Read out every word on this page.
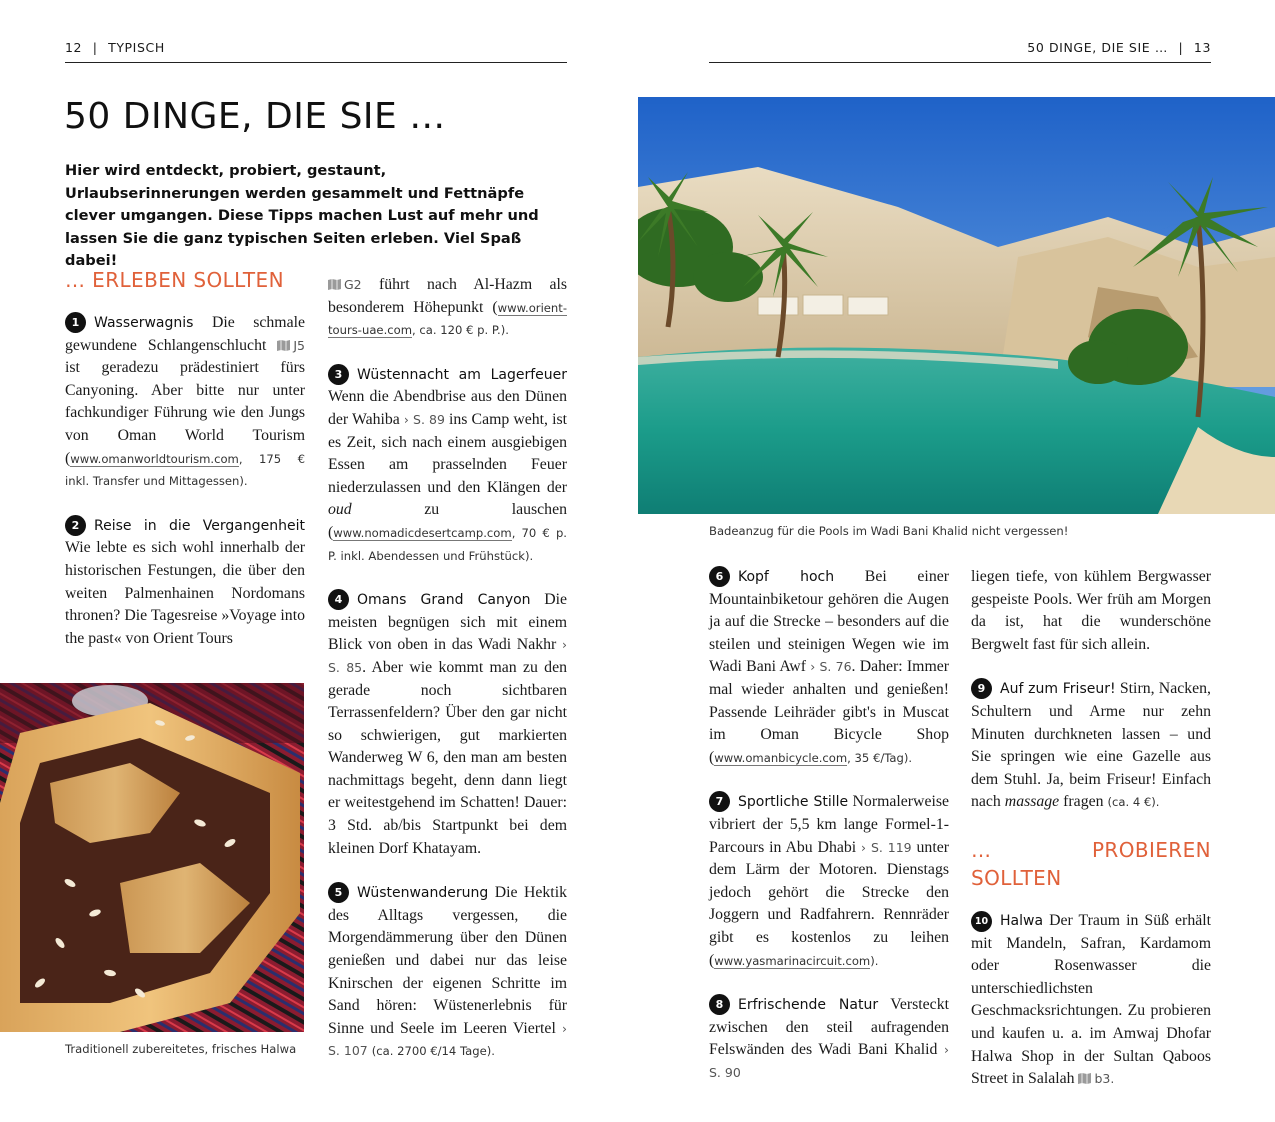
12 | TYPISCH	50 DINGE, DIE SIE … | 13
50 DINGE, DIE SIE …

Hier wird entdeckt, probiert, gestaunt, Urlaubserinnerungen werden gesammelt und Fettnäpfe clever umgangen. Diese Tipps machen Lust auf mehr und lassen Sie die ganz typischen Seiten erleben. Viel Spaß dabei!

… ERLEBEN SOLLTEN
1 Wasserwagnis Die schmale gewundene Schlangenschlucht J5 ist geradezu prädestiniert fürs Canyoning. Aber bitte nur unter fachkundiger Führung wie den Jungs von Oman World Tourism (www.omanworldtourism.com, 175 € inkl. Transfer und Mittagessen).
2 Reise in die Vergangenheit Wie lebte es sich wohl innerhalb der historischen Festungen, die über den weiten Palmenhainen Nordomans thronen? Die Tagesreise »Voyage into the past« von Orient Tours
Traditionell zubereitetes, frisches Halwa
G2 führt nach Al-Hazm als besonderem Höhepunkt (www.orient-tours-uae.com, ca. 120 € p. P.).
3 Wüstennacht am Lagerfeuer Wenn die Abendbrise aus den Dünen der Wahiba › S. 89 ins Camp weht, ist es Zeit, sich nach einem ausgiebigen Essen am prasselnden Feuer niederzulassen und den Klängen der oud	zu lauschen (www.nomadicdesertcamp.com, 70 € p. P. inkl. Abendessen und Frühstück).
4 Omans Grand Canyon Die meisten begnügen sich mit einem Blick von oben in das Wadi Nakhr › S. 85. Aber wie kommt man zu den gerade noch sichtbaren Terrassenfeldern? Über den gar nicht so schwierigen, gut markierten Wanderweg W 6, den man am besten nachmittags begeht, denn dann liegt er weitestgehend im Schatten! Dauer: 3 Std. ab/bis Startpunkt bei dem kleinen Dorf Khatayam.
5 Wüstenwanderung Die Hektik des Alltags vergessen, die Morgendämmerung über den Dünen genießen und dabei nur das leise Knirschen der eigenen Schritte im Sand hören: Wüstenerlebnis für Sinne und Seele im Leeren Viertel › S. 107 (ca. 2700 €/14 Tage).
Badeanzug für die Pools im Wadi Bani Khalid nicht vergessen!
6 Kopf hoch Bei einer Mountainbiketour gehören die Augen ja auf die Strecke – besonders auf die steilen und steinigen Wegen wie im Wadi Bani Awf › S. 76. Daher: Immer mal wieder anhalten und genießen! Passende Leihräder gibt's in Muscat im Oman Bicycle Shop (www.omanbicycle.com, 35 €/Tag).
7 Sportliche Stille Normalerweise vibriert der 5,5 km lange Formel-1-Parcours in Abu Dhabi › S. 119 unter dem Lärm der Motoren. Dienstags jedoch gehört die Strecke den Joggern und Radfahrern. Rennräder gibt es kostenlos zu leihen (www.yasmarinacircuit.com).
8 Erfrischende Natur Versteckt zwischen den steil aufragenden Felswänden des Wadi Bani Khalid › S. 90
liegen tiefe, von kühlem Bergwasser gespeiste Pools. Wer früh am Morgen da ist, hat die wunderschöne Bergwelt fast für sich allein.
9 Auf zum Friseur! Stirn, Nacken, Schultern und Arme nur zehn Minuten durchkneten lassen – und Sie springen wie eine Gazelle aus dem Stuhl. Ja, beim Friseur! Einfach nach massage fragen (ca. 4 €).
… PROBIEREN SOLLTEN
10 Halwa Der Traum in Süß erhält mit Mandeln, Safran, Kardamom oder Rosenwasser die unterschiedlichsten Geschmacksrichtungen. Zu probieren und kaufen u. a. im Amwaj Dhofar Halwa Shop in der Sultan Qaboos Street in Salalah b3.
